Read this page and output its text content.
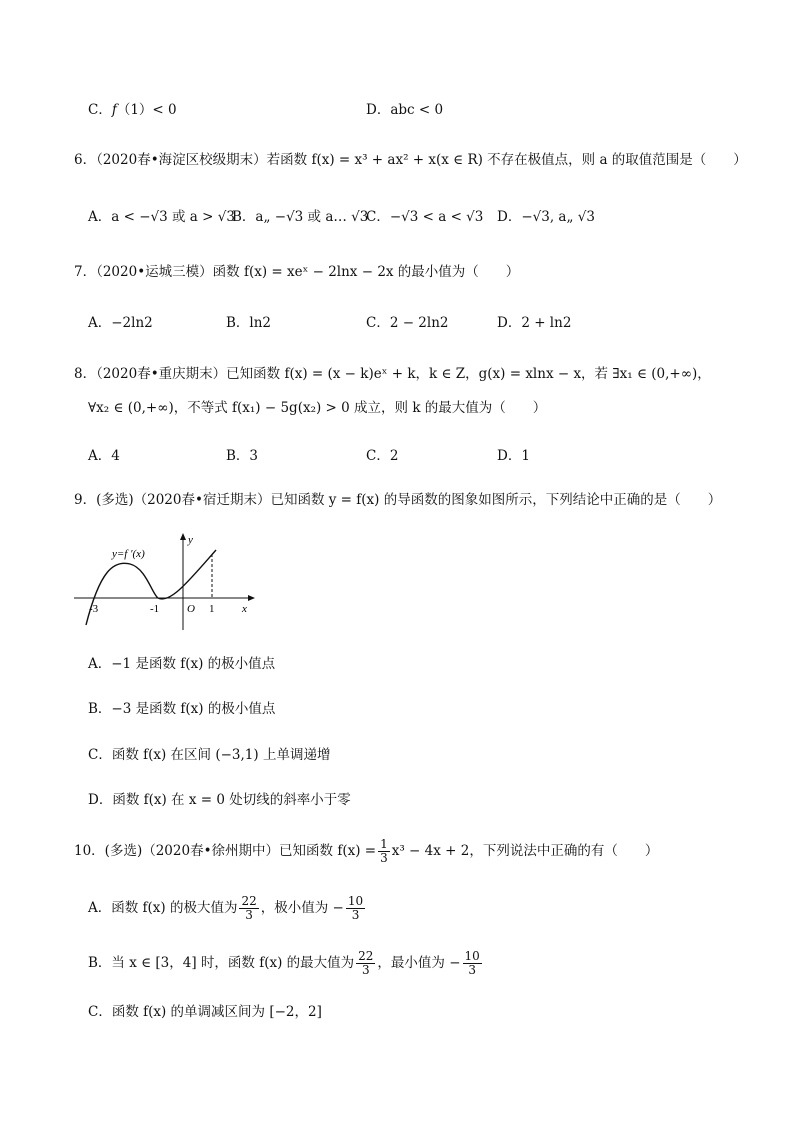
C．𝑓（1）< 0	D．abc < 0
6．（2020春•海淀区校级期末）若函数 f(x) = x³ + ax² + x(x ∈ R) 不存在极值点，则 a 的取值范围是（　　）
A．a < −√3 或 a > √3
B．a„ −√3 或 a… √3
C．−√3 < a < √3 D．−√3, a„ √3
7．（2020•运城三模）函数 f(x) = xeˣ − 2lnx − 2x 的最小值为（　　）
A．−2ln2	B．ln2	C．2 − 2ln2	D．2 + ln2
8．（2020春•重庆期末）已知函数 f(x) = (x − k)eˣ + k，k ∈ Z，g(x) = xlnx − x，若 ∃x₁ ∈ (0,+∞)，
∀x₂ ∈ (0,+∞)，不等式 f(x₁) − 5g(x₂) > 0 成立，则 k 的最大值为（　　）
A．4	B．3	C．2	D．1
9．(多选)（2020春•宿迁期末）已知函数 y = f(x) 的导函数的图象如图所示，下列结论中正确的是（　　）
y=f ′(x)
y
x
O
-3	-1	1
A．−1 是函数 f(x) 的极小值点
B．−3 是函数 f(x) 的极小值点
C．函数 f(x) 在区间 (−3,1) 上单调递增
D．函数 f(x) 在 x = 0 处切线的斜率小于零
10．(多选)（2020春•徐州期中）已知函数 $f(x) = \frac{1}{3} x^3 - 4x + 2$，下列说法中正确的有（　　）
A．函数 f(x) 的极大值为 $\frac{22}{3}$ ，极小值为 − $\frac{10}{3}$
B．当 x ∈ [3，4] 时，函数 f(x) 的最大值为 $\frac{22}{3}$ ，最小值为 − $\frac{10}{3}$
C．函数 f(x) 的单调减区间为 [−2，2]
